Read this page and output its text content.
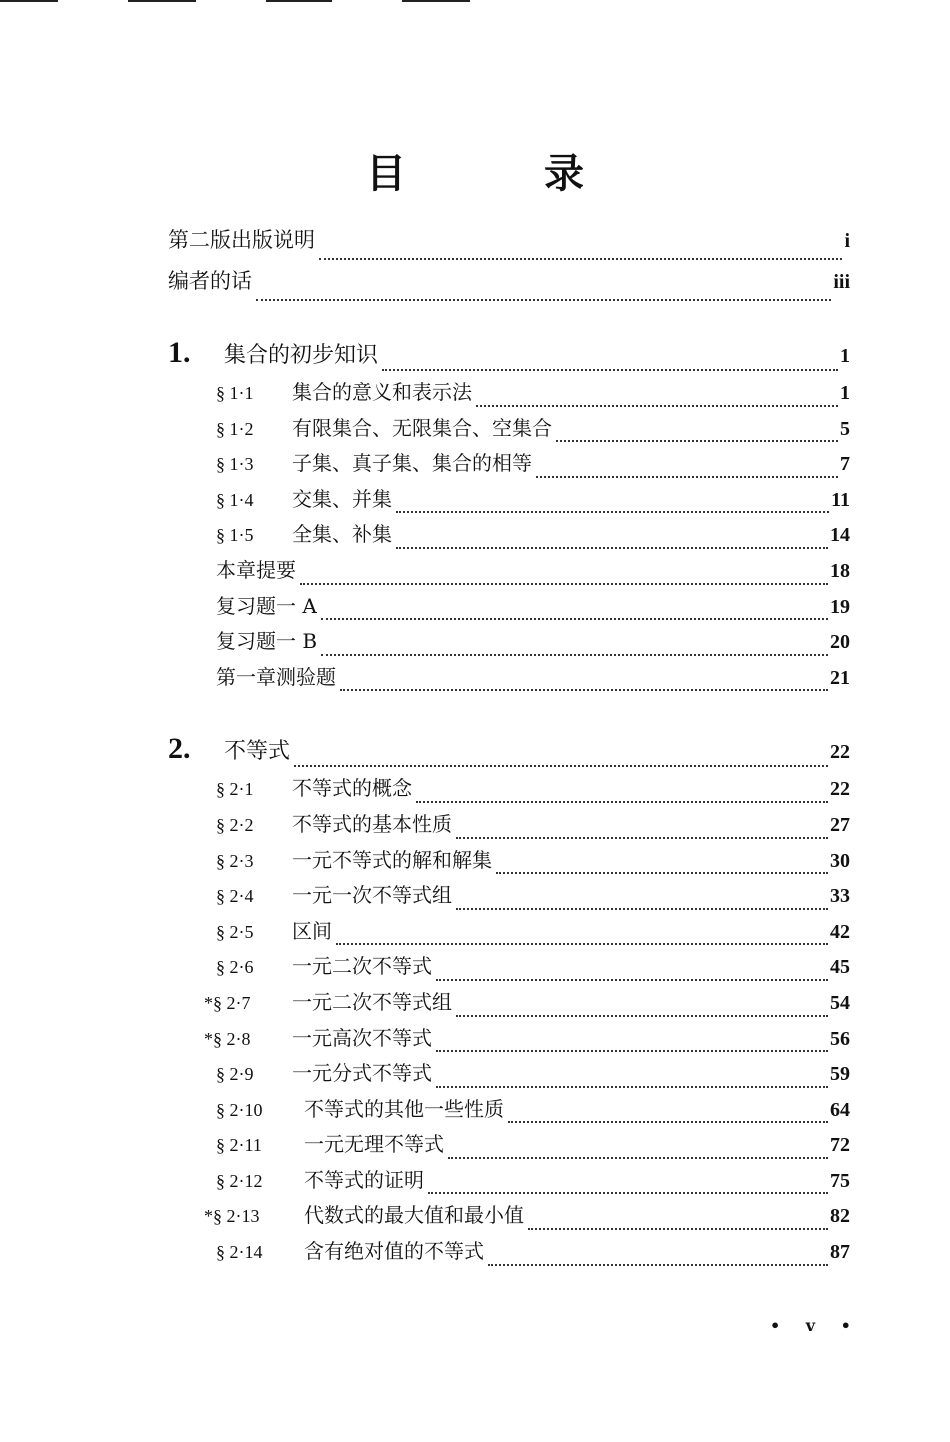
目 录
第二版出版说明	i
编者的话	iii
1.	集合的初步知识	1
§ 1·1	集合的意义和表示法	1
§ 1·2	有限集合、无限集合、空集合	5
§ 1·3	子集、真子集、集合的相等	7
§ 1·4	交集、并集	11
§ 1·5	全集、补集	14
本章提要	18
复习题一 A	19
复习题一 B	20
第一章测验题	21
2.	不等式	22
§ 2·1	不等式的概念	22
§ 2·2	不等式的基本性质	27
§ 2·3	一元不等式的解和解集	30
§ 2·4	一元一次不等式组	33
§ 2·5	区间	42
§ 2·6	一元二次不等式	45
*§ 2·7	一元二次不等式组	54
*§ 2·8	一元高次不等式	56
§ 2·9	一元分式不等式	59
§ 2·10	不等式的其他一些性质	64
§ 2·11	一元无理不等式	72
§ 2·12	不等式的证明	75
*§ 2·13	代数式的最大值和最小值	82
§ 2·14	含有绝对值的不等式	87
• v •
